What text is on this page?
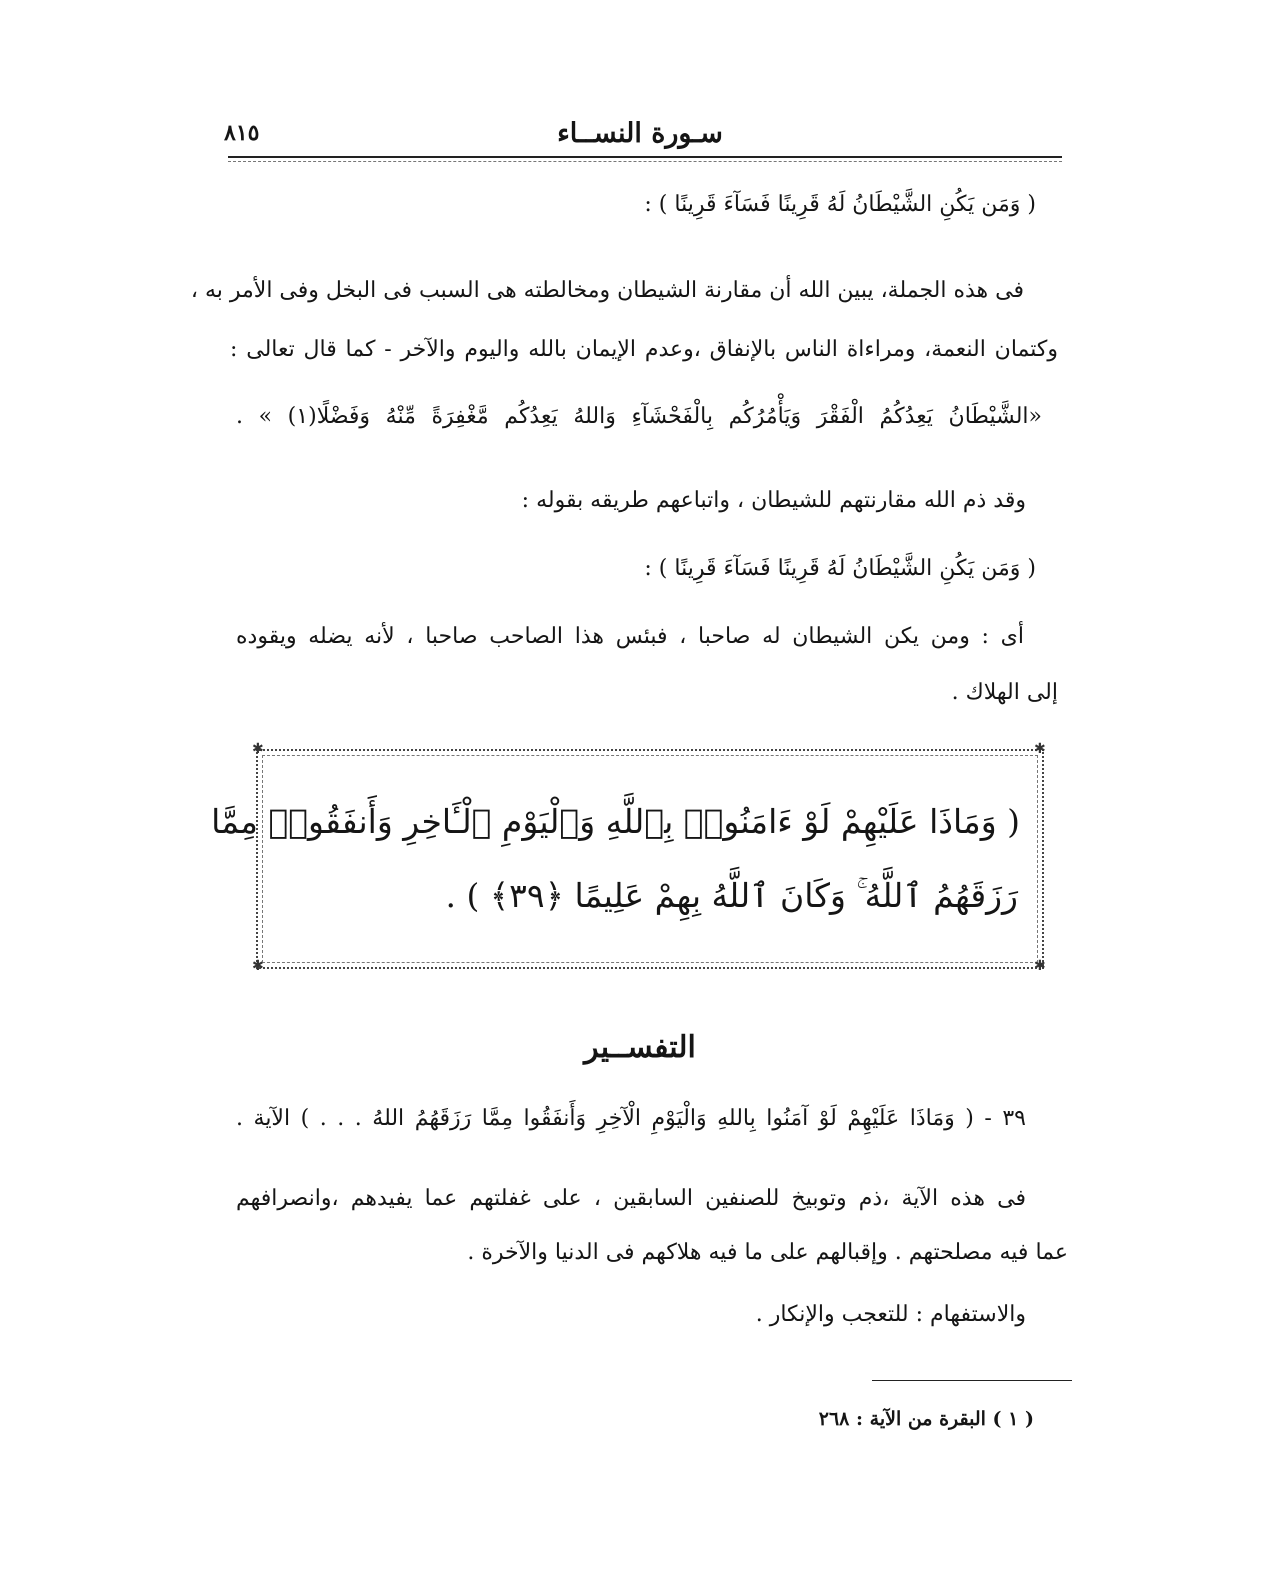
سـورة النســاء
٨١٥
( وَمَن يَكُنِ الشَّيْطَانُ لَهُ قَرِينًا فَسَآءَ قَرِينًا ) :
فى هذه الجملة، يبين الله أن مقارنة الشيطان ومخالطته هى السبب فى البخل وفى الأمر به ،
وكتمان النعمة، ومراءاة الناس بالإنفاق ،وعدم الإيمان بالله واليوم والآخر - كما قال تعالى :
«الشَّيْطَانُ يَعِدُكُمُ الْفَقْرَ وَيَأْمُرُكُم بِالْفَحْشَآءِ وَاللهُ يَعِدُكُم مَّغْفِرَةً مِّنْهُ وَفَضْلًا(١) » .
وقد ذم الله مقارنتهم للشيطان ، واتباعهم طريقه بقوله :
( وَمَن يَكُنِ الشَّيْطَانُ لَهُ قَرِينًا فَسَآءَ قَرِينًا ) :
أى : ومن يكن الشيطان له صاحبا ، فبئس هذا الصاحب صاحبا ، لأنه يضله ويقوده
إلى الهلاك .
✱	✱
✱	✱
( وَمَاذَا عَلَيْهِمْ لَوْ ءَامَنُوا۟ بِٱللَّهِ وَٱلْيَوْمِ ٱلْـَٔاخِرِ وَأَنفَقُوا۟ مِمَّا
رَزَقَهُمُ ٱللَّهُ ۚ وَكَانَ ٱللَّهُ بِهِمْ عَلِيمًا ﴿٣٩﴾ ) .
التفســير
٣٩ - ( وَمَاذَا عَلَيْهِمْ لَوْ آمَنُوا بِاللهِ وَالْيَوْمِ الْآخِرِ وَأَنفَقُوا مِمَّا رَزَقَهُمُ اللهُ . . . ) الآية .
فى هذه الآية ،ذم وتوبيخ للصنفين السابقين ، على غفلتهم عما يفيدهم ،وانصرافهم
عما فيه مصلحتهم . وإقبالهم على ما فيه هلاكهم فى الدنيا والآخرة .
والاستفهام : للتعجب والإنكار .
( ١ ) البقرة من الآية : ٢٦٨
